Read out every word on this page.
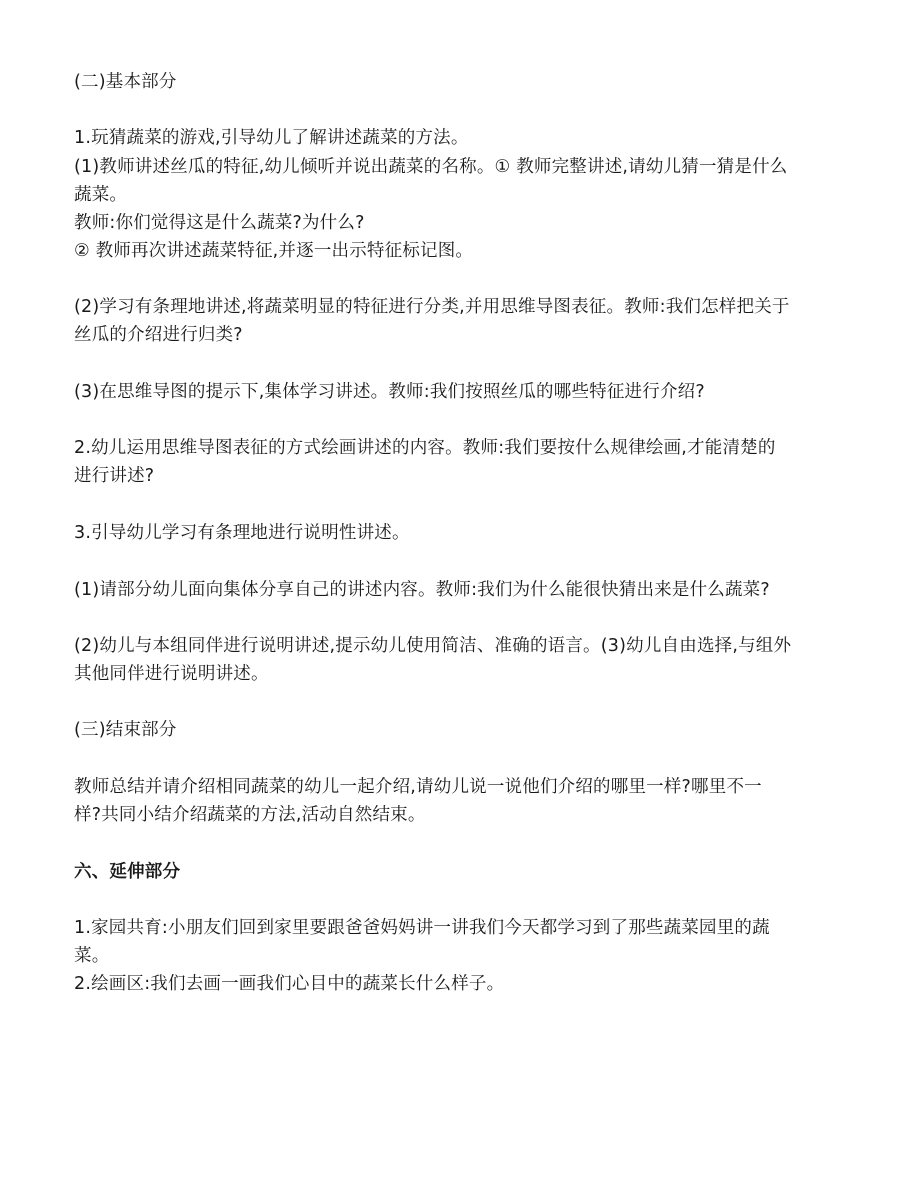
(二)基本部分
1.玩猜蔬菜的游戏,引导幼儿了解讲述蔬菜的方法。
(1)教师讲述丝瓜的特征,幼儿倾听并说出蔬菜的名称。① 教师完整讲述,请幼儿猜一猜是什么
蔬菜。
教师:你们觉得这是什么蔬菜?为什么?
② 教师再次讲述蔬菜特征,并逐一出示特征标记图。
(2)学习有条理地讲述,将蔬菜明显的特征进行分类,并用思维导图表征。教师:我们怎样把关于
丝瓜的介绍进行归类?
(3)在思维导图的提示下,集体学习讲述。教师:我们按照丝瓜的哪些特征进行介绍?
2.幼儿运用思维导图表征的方式绘画讲述的内容。教师:我们要按什么规律绘画,才能清楚的
进行讲述?
3.引导幼儿学习有条理地进行说明性讲述。
(1)请部分幼儿面向集体分享自己的讲述内容。教师:我们为什么能很快猜出来是什么蔬菜?
(2)幼儿与本组同伴进行说明讲述,提示幼儿使用简洁、准确的语言。(3)幼儿自由选择,与组外
其他同伴进行说明讲述。
(三)结束部分
教师总结并请介绍相同蔬菜的幼儿一起介绍,请幼儿说一说他们介绍的哪里一样?哪里不一
样?共同小结介绍蔬菜的方法,活动自然结束。
六、延伸部分
1.家园共育:小朋友们回到家里要跟爸爸妈妈讲一讲我们今天都学习到了那些蔬菜园里的蔬
菜。
2.绘画区:我们去画一画我们心目中的蔬菜长什么样子。
